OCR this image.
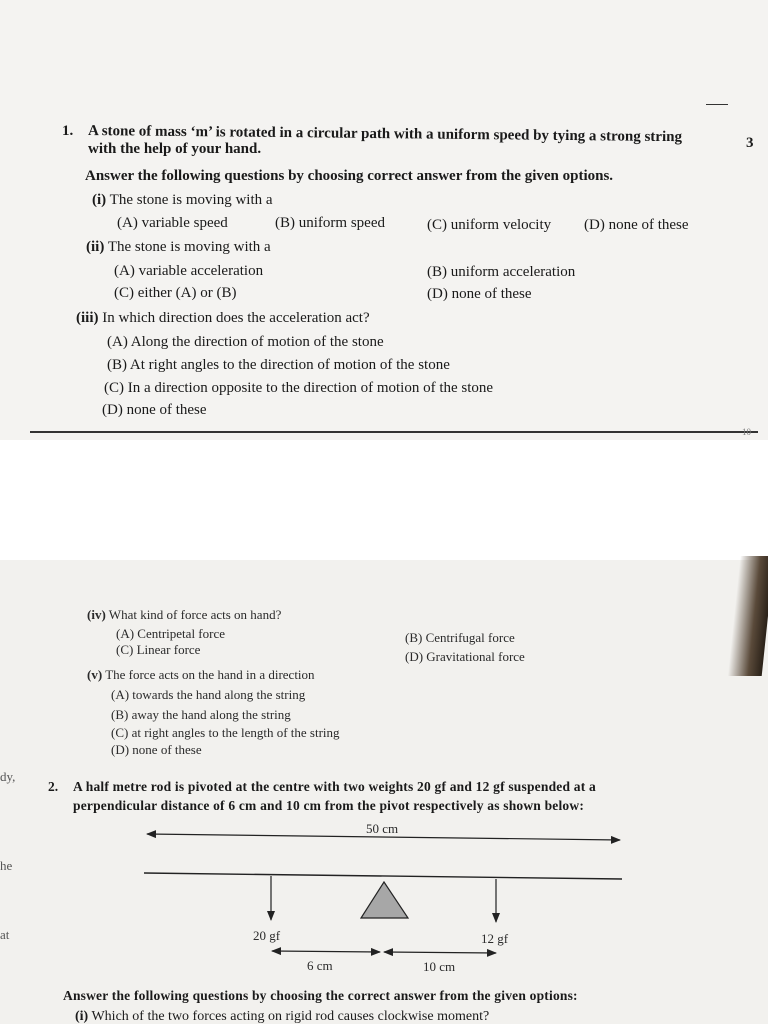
1. A stone of mass ‘m’ is rotated in a circular path with a uniform speed by tying a strong string	3
with the help of your hand.
Answer the following questions by choosing correct answer from the given options.
(i) The stone is moving with a
(A) variable speed	(B) uniform speed	(C) uniform velocity (D) none of these
(ii) The stone is moving with a
(A) variable acceleration	(B) uniform acceleration
(C) either (A) or (B)	(D) none of these
(iii) In which direction does the acceleration act?
(A) Along the direction of motion of the stone
(B) At right angles to the direction of motion of the stone
(C) In a direction opposite to the direction of motion of the stone
(D) none of these
10
(iv) What kind of force acts on hand?
(A) Centripetal force	(B) Centrifugal force
(C) Linear force	(D) Gravitational force
(v) The force acts on the hand in a direction
(A) towards the hand along the string
(B) away the hand along the string
(C) at right angles to the length of the string
(D) none of these
dy,
he
at
2. A half metre rod is pivoted at the centre with two weights 20 gf and 12 gf suspended at a
perpendicular distance of 6 cm and 10 cm from the pivot respectively as shown below:
50 cm
20 gf	12 gf
6 cm	10 cm
Answer the following questions by choosing the correct answer from the given options:
(i) Which of the two forces acting on rigid rod causes clockwise moment?
